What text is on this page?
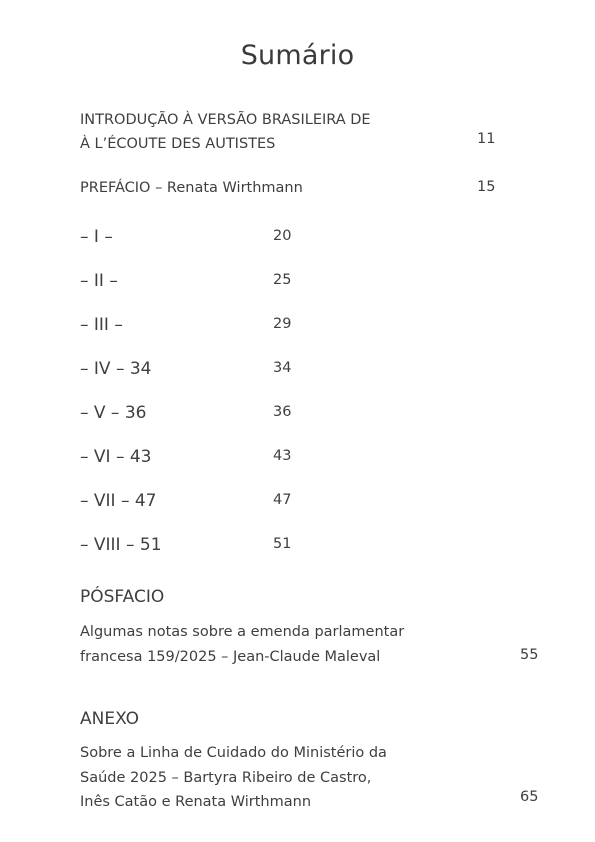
Sumário
INTRODUÇÃO À VERSÃO BRASILEIRA DE
À L’ÉCOUTE DES AUTISTES	11
PREFÁCIO – Renata Wirthmann	15
– I –	20
– II –	25
– III –	29
– IV – 34	34
– V – 36	36
– VI – 43	43
– VII – 47	47
– VIII – 51	51
PÓSFACIO
Algumas notas sobre a emenda parlamentar
francesa 159/2025 – Jean-Claude Maleval	55
ANEXO
Sobre a Linha de Cuidado do Ministério da
Saúde 2025 – Bartyra Ribeiro de Castro,
Inês Catão e Renata Wirthmann	65
